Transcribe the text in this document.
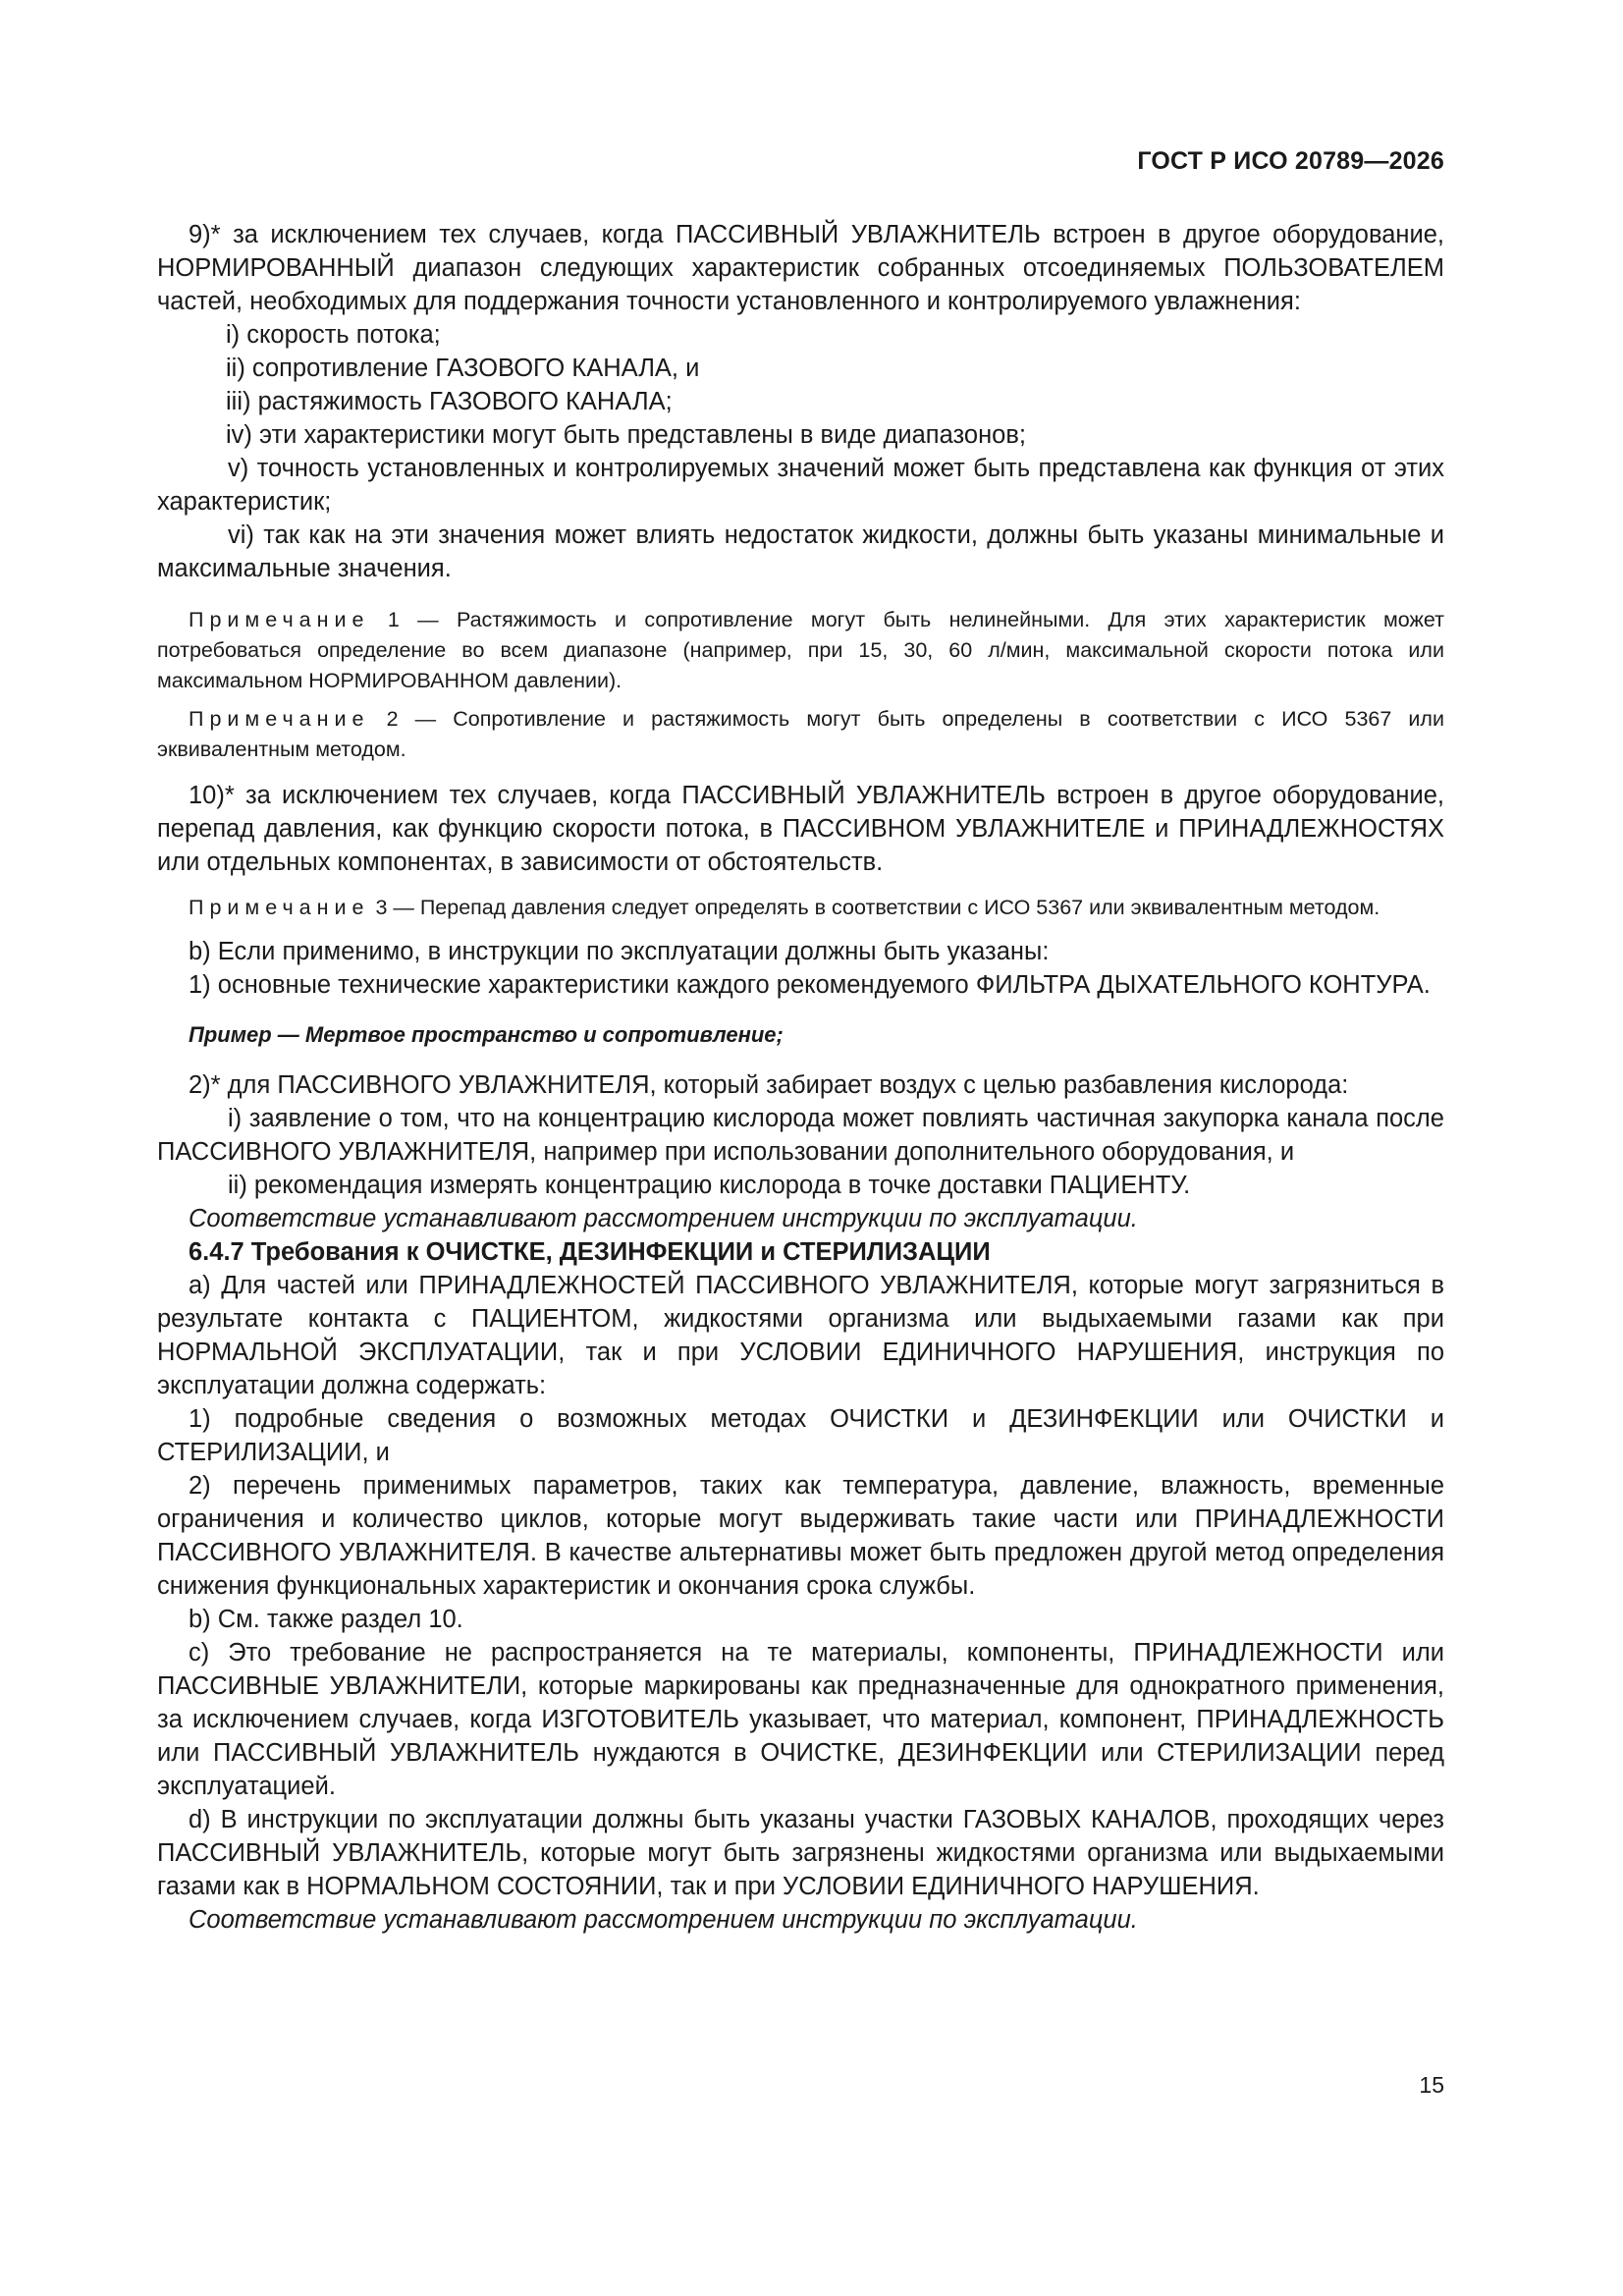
ГОСТ Р ИСО 20789—2026

9)* за исключением тех случаев, когда ПАССИВНЫЙ УВЛАЖНИТЕЛЬ встроен в другое оборудование, НОРМИРОВАННЫЙ диапазон следующих характеристик собранных отсоединяемых ПОЛЬЗОВАТЕЛЕМ частей, необходимых для поддержания точности установленного и контролируемого увлажнения:

i) скорость потока;

ii) сопротивление ГАЗОВОГО КАНАЛА, и

iii) растяжимость ГАЗОВОГО КАНАЛА;

iv) эти характеристики могут быть представлены в виде диапазонов;

v) точность установленных и контролируемых значений может быть представлена как функция от этих характеристик;

vi) так как на эти значения может влиять недостаток жидкости, должны быть указаны минимальные и максимальные значения.

Примечание 1 — Растяжимость и сопротивление могут быть нелинейными. Для этих характеристик может потребоваться определение во всем диапазоне (например, при 15, 30, 60 л/мин, максимальной скорости потока или максимальном НОРМИРОВАННОМ давлении).

Примечание 2 — Сопротивление и растяжимость могут быть определены в соответствии с ИСО 5367 или эквивалентным методом.

10)* за исключением тех случаев, когда ПАССИВНЫЙ УВЛАЖНИТЕЛЬ встроен в другое оборудование, перепад давления, как функцию скорости потока, в ПАССИВНОМ УВЛАЖНИТЕЛЕ и ПРИНАДЛЕЖНОСТЯХ или отдельных компонентах, в зависимости от обстоятельств.

Примечание 3 — Перепад давления следует определять в соответствии с ИСО 5367 или эквивалентным методом.

b) Если применимо, в инструкции по эксплуатации должны быть указаны:

1) основные технические характеристики каждого рекомендуемого ФИЛЬТРА ДЫХАТЕЛЬНОГО КОНТУРА.

Пример — Мертвое пространство и сопротивление;

2)* для ПАССИВНОГО УВЛАЖНИТЕЛЯ, который забирает воздух с целью разбавления кислорода:

i) заявление о том, что на концентрацию кислорода может повлиять частичная закупорка канала после ПАССИВНОГО УВЛАЖНИТЕЛЯ, например при использовании дополнительного оборудования, и

ii) рекомендация измерять концентрацию кислорода в точке доставки ПАЦИЕНТУ.

Соответствие устанавливают рассмотрением инструкции по эксплуатации.

6.4.7 Требования к ОЧИСТКЕ, ДЕЗИНФЕКЦИИ и СТЕРИЛИЗАЦИИ

a) Для частей или ПРИНАДЛЕЖНОСТЕЙ ПАССИВНОГО УВЛАЖНИТЕЛЯ, которые могут загрязниться в результате контакта с ПАЦИЕНТОМ, жидкостями организма или выдыхаемыми газами как при НОРМАЛЬНОЙ ЭКСПЛУАТАЦИИ, так и при УСЛОВИИ ЕДИНИЧНОГО НАРУШЕНИЯ, инструкция по эксплуатации должна содержать:

1) подробные сведения о возможных методах ОЧИСТКИ и ДЕЗИНФЕКЦИИ или ОЧИСТКИ и СТЕРИЛИЗАЦИИ, и

2) перечень применимых параметров, таких как температура, давление, влажность, временные ограничения и количество циклов, которые могут выдерживать такие части или ПРИНАДЛЕЖНОСТИ ПАССИВНОГО УВЛАЖНИТЕЛЯ. В качестве альтернативы может быть предложен другой метод определения снижения функциональных характеристик и окончания срока службы.

b) См. также раздел 10.

c) Это требование не распространяется на те материалы, компоненты, ПРИНАДЛЕЖНОСТИ или ПАССИВНЫЕ УВЛАЖНИТЕЛИ, которые маркированы как предназначенные для однократного применения, за исключением случаев, когда ИЗГОТОВИТЕЛЬ указывает, что материал, компонент, ПРИНАДЛЕЖНОСТЬ или ПАССИВНЫЙ УВЛАЖНИТЕЛЬ нуждаются в ОЧИСТКЕ, ДЕЗИНФЕКЦИИ или СТЕРИЛИЗАЦИИ перед эксплуатацией.

d) В инструкции по эксплуатации должны быть указаны участки ГАЗОВЫХ КАНАЛОВ, проходящих через ПАССИВНЫЙ УВЛАЖНИТЕЛЬ, которые могут быть загрязнены жидкостями организма или выдыхаемыми газами как в НОРМАЛЬНОМ СОСТОЯНИИ, так и при УСЛОВИИ ЕДИНИЧНОГО НАРУШЕНИЯ.

Соответствие устанавливают рассмотрением инструкции по эксплуатации.

15
